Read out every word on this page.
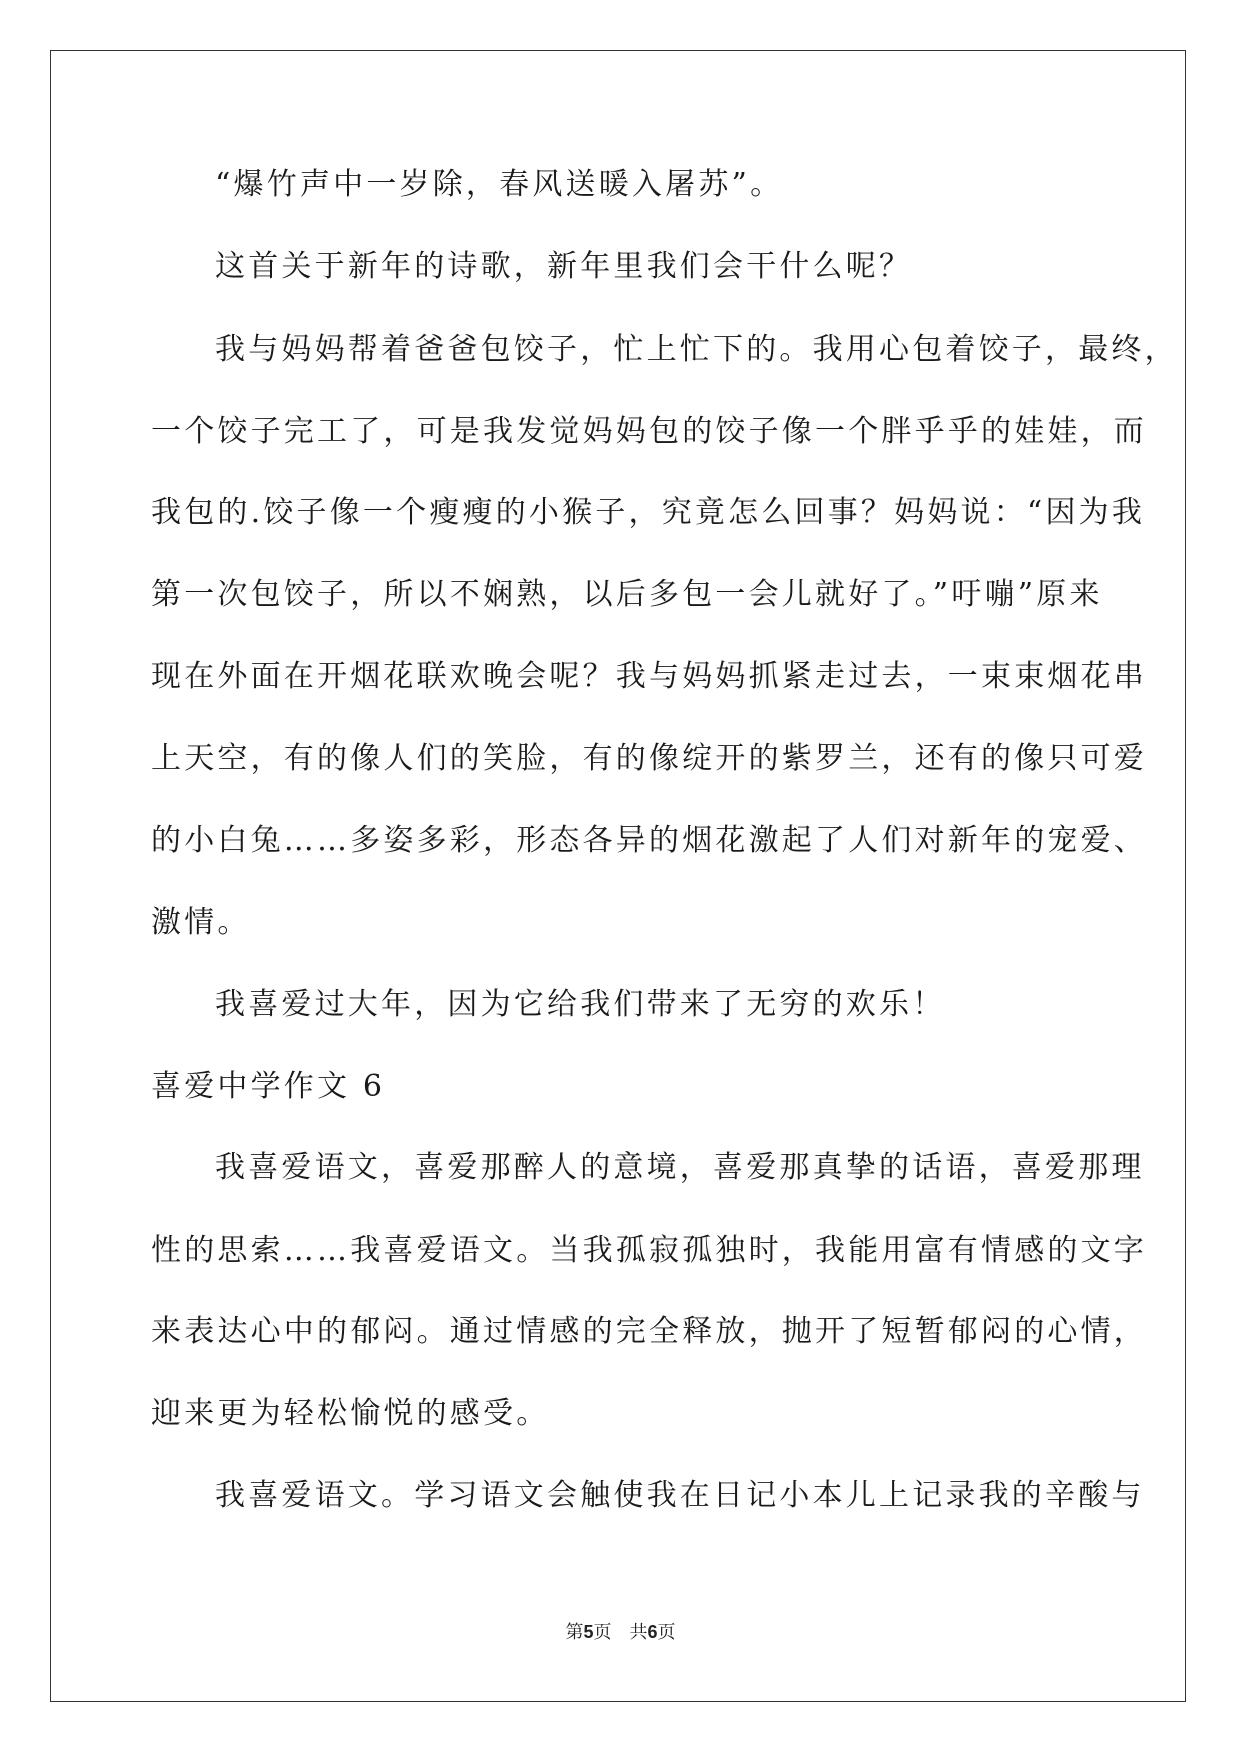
“爆竹声中一岁除，春风送暖入屠苏”。
这首关于新年的诗歌，新年里我们会干什么呢？
我与妈妈帮着爸爸包饺子，忙上忙下的。我用心包着饺子，最终，
一个饺子完工了，可是我发觉妈妈包的饺子像一个胖乎乎的娃娃，而
我包的.饺子像一个瘦瘦的小猴子，究竟怎么回事？妈妈说：“因为我
第一次包饺子，所以不娴熟，以后多包一会儿就好了。”吁嘣”原来
现在外面在开烟花联欢晚会呢？我与妈妈抓紧走过去，一束束烟花串
上天空，有的像人们的笑脸，有的像绽开的紫罗兰，还有的像只可爱
的小白兔……多姿多彩，形态各异的烟花激起了人们对新年的宠爱、
激情。
我喜爱过大年，因为它给我们带来了无穷的欢乐！
喜爱中学作文 6
我喜爱语文，喜爱那醉人的意境，喜爱那真挚的话语，喜爱那理
性的思索……我喜爱语文。当我孤寂孤独时，我能用富有情感的文字
来表达心中的郁闷。通过情感的完全释放，抛开了短暂郁闷的心情，
迎来更为轻松愉悦的感受。
我喜爱语文。学习语文会触使我在日记小本儿上记录我的辛酸与
第5页 共6页
